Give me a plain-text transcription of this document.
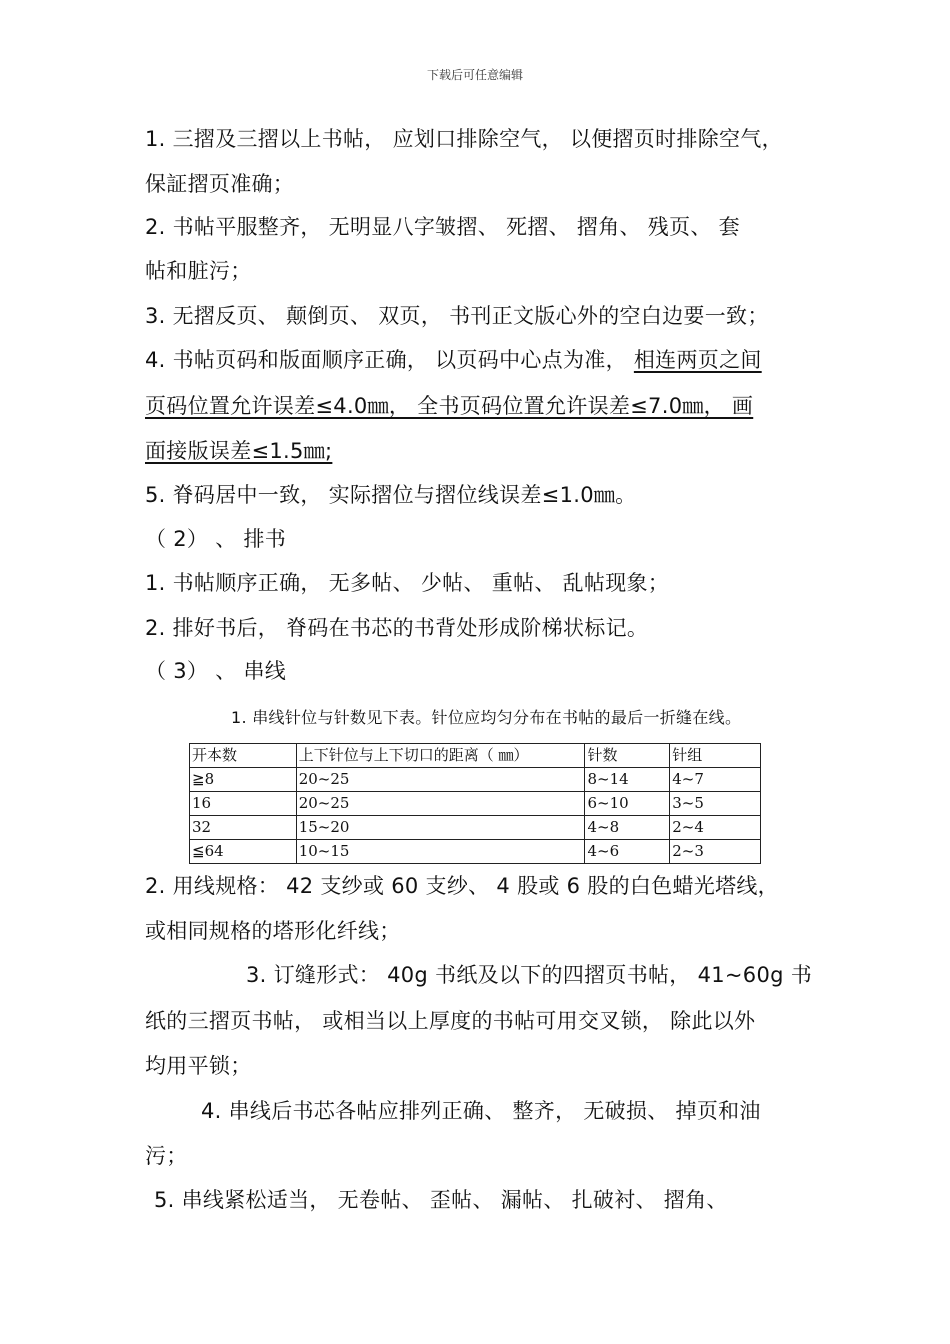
下载后可任意编辑
1. 三摺及三摺以上书帖， 应划口排除空气， 以便摺页时排除空气，
保証摺页准确；
2. 书帖平服整齐， 无明显八字皱摺、 死摺、 摺角、 残页、 套
帖和脏污；
3. 无摺反页、 颠倒页、 双页， 书刊正文版心外的空白边要一致；
4. 书帖页码和版面顺序正确， 以页码中心点为准， 相连两页之间
页码位置允许误差≤4.0㎜， 全书页码位置允许误差≤7.0㎜， 画
面接版误差≤1.5㎜;
5. 脊码居中一致， 实际摺位与摺位线误差≤1.0㎜。
（ 2） 、 排书
1. 书帖顺序正确， 无多帖、 少帖、 重帖、 乱帖现象；
2. 排好书后， 脊码在书芯的书背处形成阶梯状标记。
（ 3） 、 串线
1. 串线针位与针数见下表。针位应均匀分布在书帖的最后一折缝在线。
开本数	上下针位与上下切口的距离（ ㎜）	针数	针组
≧8	20~25	8~14	4~7
16	20~25	6~10	3~5
32	15~20	4~8	2~4
≦64	10~15	4~6	2~3
2. 用线规格： 42 支纱或 60 支纱、 4 股或 6 股的白色蜡光塔线，
或相同规格的塔形化纤线；
3. 订缝形式： 40g 书纸及以下的四摺页书帖， 41~60g 书
纸的三摺页书帖， 或相当以上厚度的书帖可用交叉锁， 除此以外
均用平锁；
4. 串线后书芯各帖应排列正确、 整齐， 无破损、 掉页和油
污；
5. 串线紧松适当， 无卷帖、 歪帖、 漏帖、 扎破衬、 摺角、
